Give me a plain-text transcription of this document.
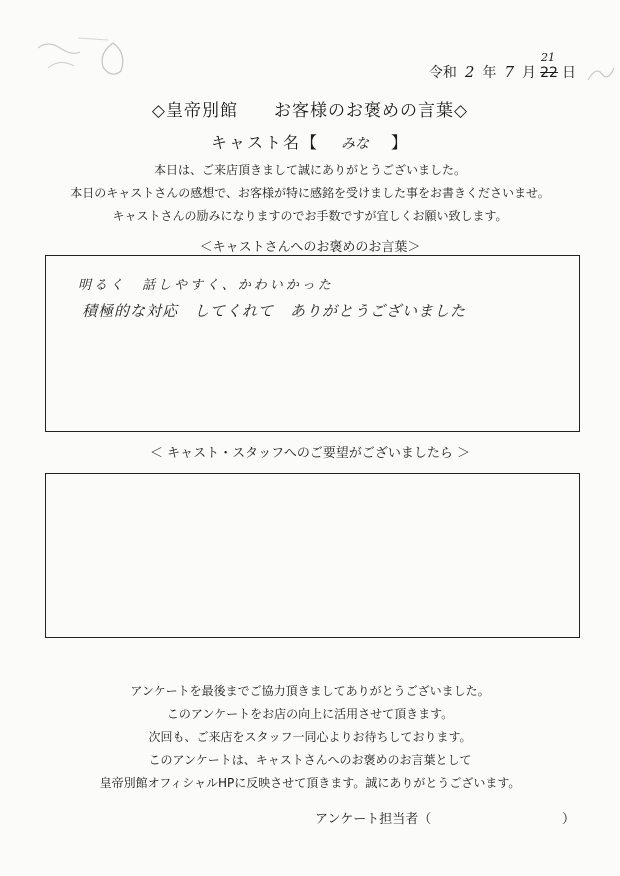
令和 2 年 7 月 22
21
日
◇皇帝別館　　お客様のお褒めの言葉◇
キャスト名【 みな 】
本日は、ご来店頂きまして誠にありがとうございました。
本日のキャストさんの感想で、お客様が特に感銘を受けました事をお書きくださいませ。
キャストさんの励みになりますのでお手数ですが宜しくお願い致します。
＜キャストさんへのお褒めのお言葉＞
明るく　話しやすく、かわいかった
積極的な対応　してくれて　ありがとうございました
＜ キャスト・スタッフへのご要望がございましたら ＞
アンケートを最後までご協力頂きましてありがとうございました。
このアンケートをお店の向上に活用させて頂きます。
次回も、ご来店をスタッフ一同心よりお待ちしております。
このアンケートは、キャストさんへのお褒めのお言葉として
皇帝別館オフィシャルHPに反映させて頂きます。誠にありがとうございます。
アンケート担当者（	）
